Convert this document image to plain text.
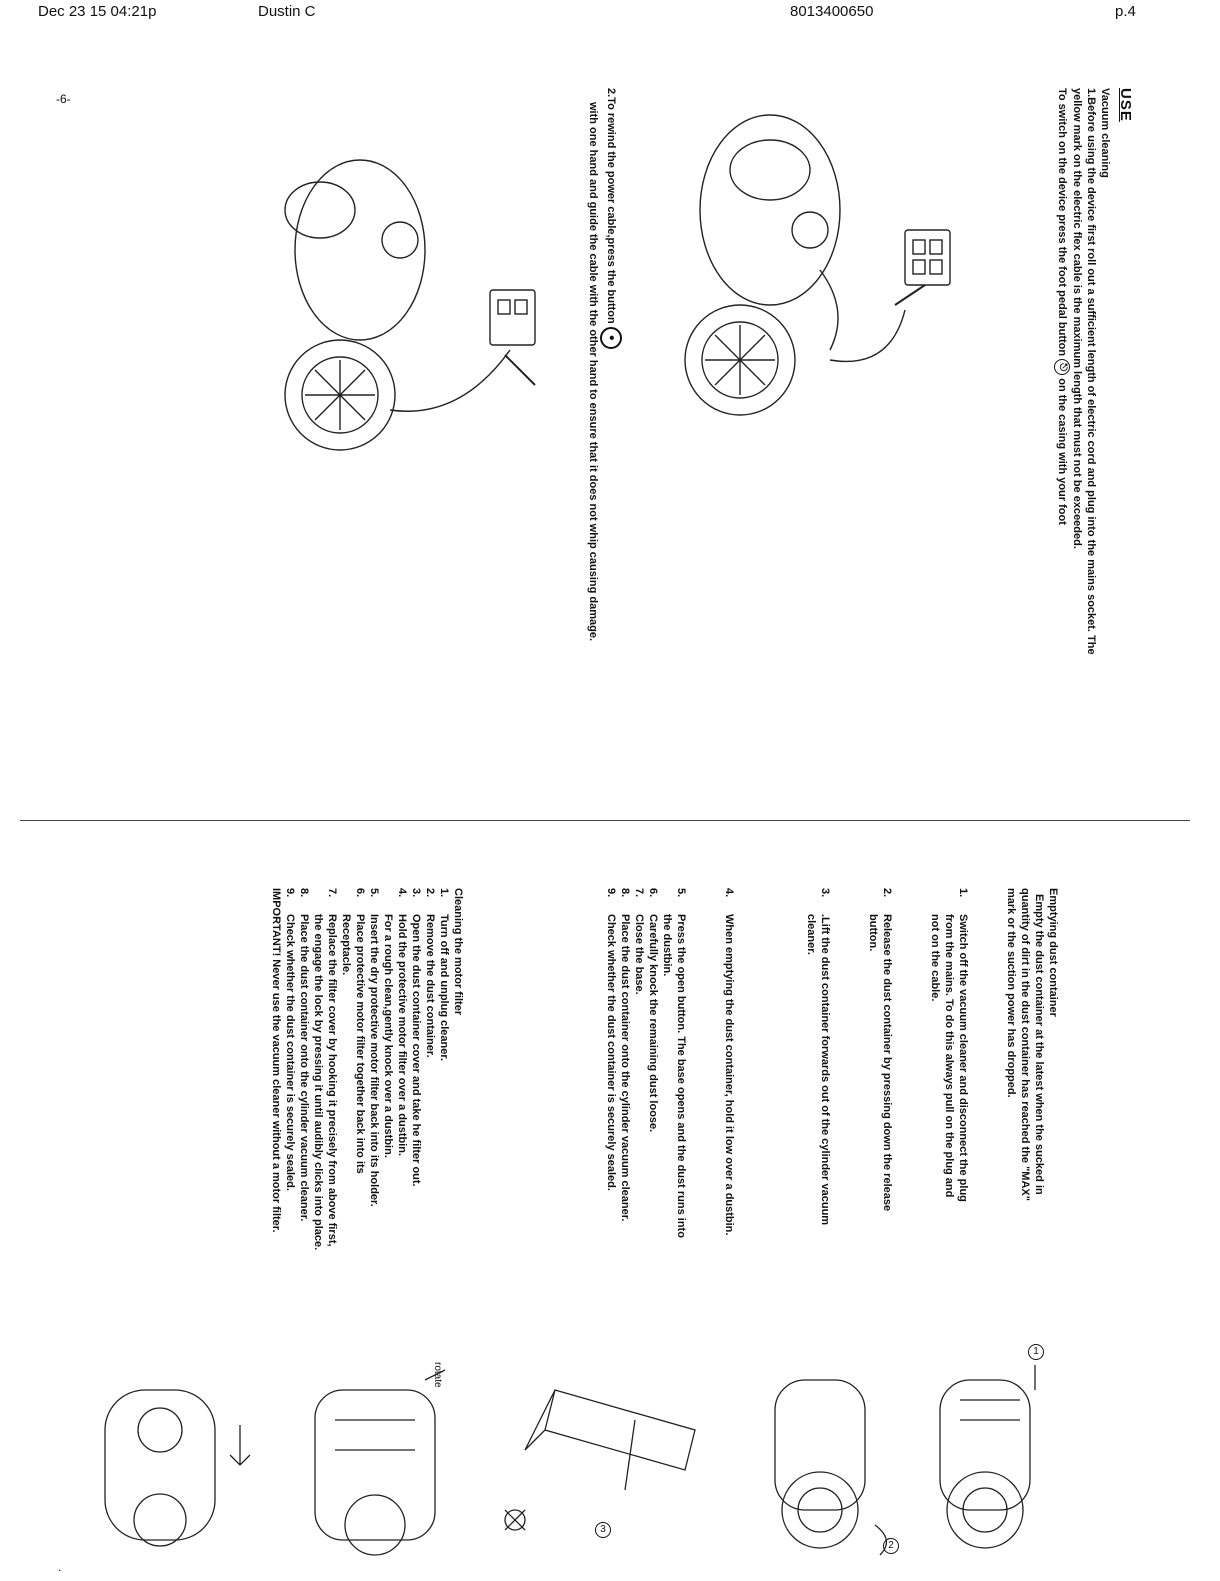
Dec 23 15 04:21p	Dustin C	8013400650	p.4
-6-
.

USE

Vacuum cleaning

1.Before using the device first roll out a sufficient length of electric cord and plug into the mains socket. The

yellow mark on the electric flex cable is the maximum length that must not be exceeded.

To switch on the device press the foot pedal button ⎋ on the casing with your foot

2.To rewind the power cable,press the button ●

with one hand and guide the cable with the other hand to ensure that it does not whip causing damage.

Emptying dust container

Empty the dust container at the latest when the sucked in

quantity of dirt in the dust container has reached the "MAX"

mark or the suction power has dropped.

1.

Switch off the vacuum cleaner and disconnect the plug

from the mains. To do this always pull on the plug and

not on the cable.

2.

Release the dust container by pressing down the release

button.

3.

.Lift the dust container forwards out of the cylinder vacuum

cleaner.

4.

When emptying the dust container, hold it low over a dustbin.

5.

Press the open button. The base opens and the dust runs into

the dustbin.

6.

Carefully knock the remaining dust loose.

7.

Close the base.

8.

Place the dust container onto the cylinder vacuum cleaner.

9.

Check whether the dust container is securely sealed.

Cleaning the motor filter

1.

Turn off and unplug cleaner.

2.

Remove the dust container.

3.

Open the dust container cover and take he filter out.

4.

Hold the protective motor filter over a dustbin.

For a rough clean,gently knock over a dustbin.

5.

Insert the dry protective motor filter back into its holder.

6.

Place protective motor filter together back into its

Receptacle.

7.

Replace the filter cover by hooking it precisely from above first,

the engage the lock by pressing it until audibly clicks into place.

8.

Place the dust container onto the cylinder vacuum cleaner.

9.

Check whether the dust container is securely sealed.

IMPORTANT! Never use the vacuum cleaner without a motor filter.

1
2
3
rotate
